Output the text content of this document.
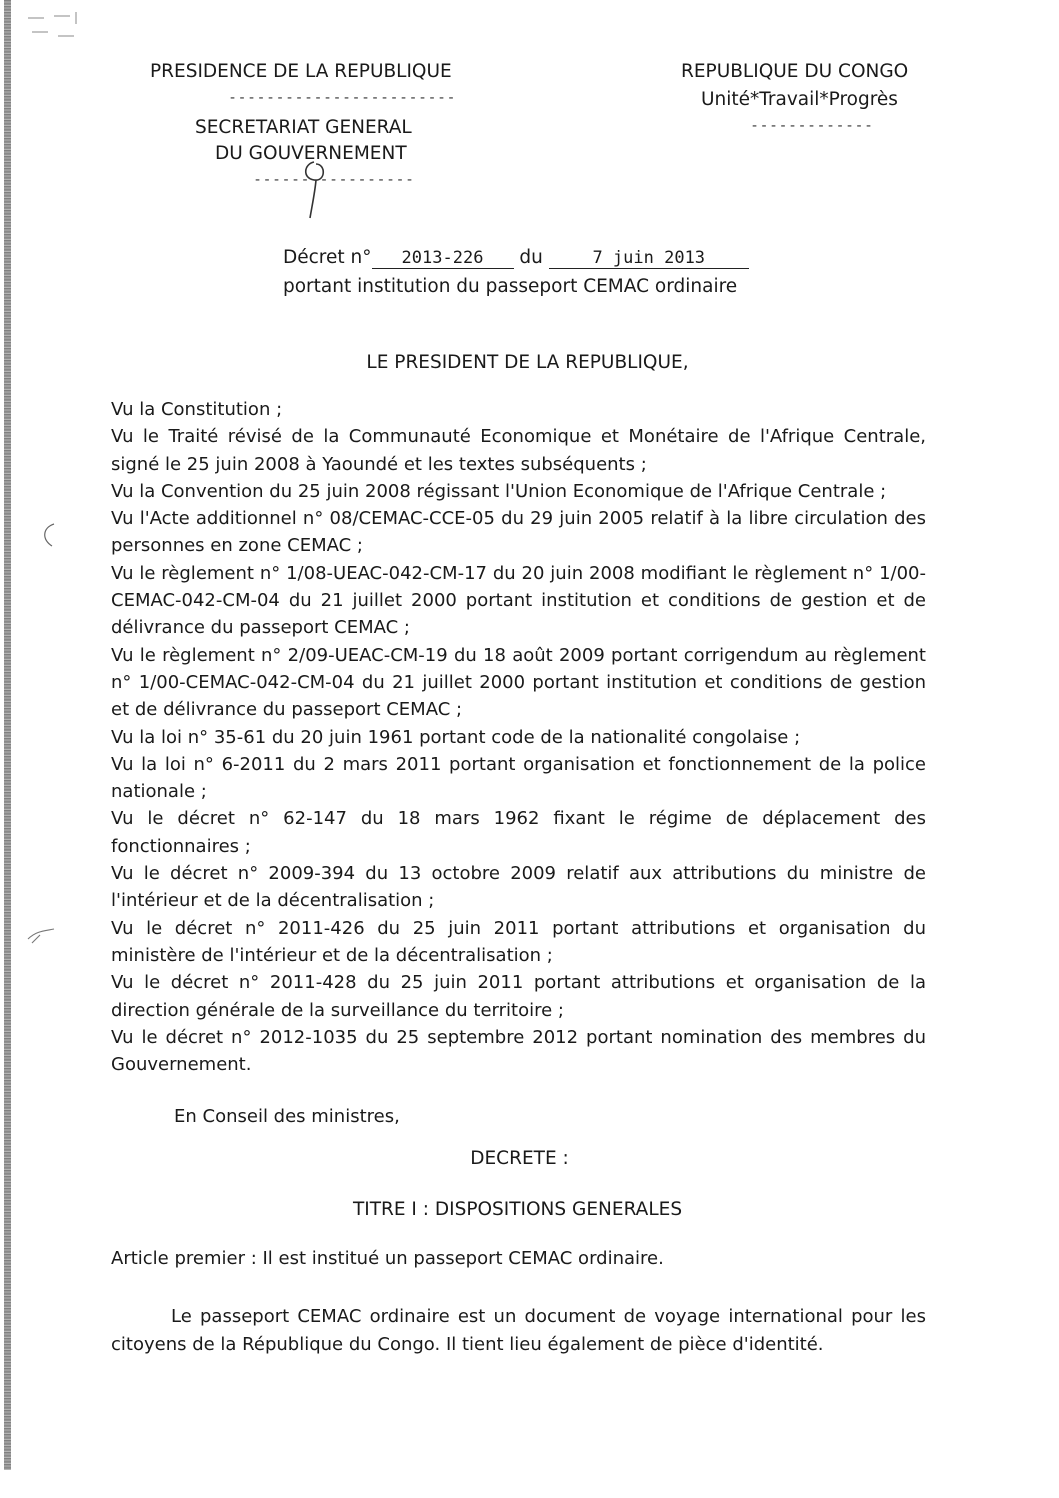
PRESIDENCE DE LA REPUBLIQUE
- - - - - - - - - - - - - - - - - - - - - - - -
SECRETARIAT GENERAL
DU GOUVERNEMENT
- - - - - - - - - - - - - - - - -
REPUBLIQUE DU CONGO
Unité*Travail*Progrès
- - - - - - - - - - - - -
Décret n° 2013-226 du	7 juin 2013
portant institution du passeport CEMAC ordinaire
LE PRESIDENT DE LA REPUBLIQUE,

Vu la Constitution ;

Vu le Traité révisé de la Communauté Economique et Monétaire de l'Afrique Centrale, signé le 25 juin 2008 à Yaoundé et les textes subséquents ;

Vu la Convention du 25 juin 2008 régissant l'Union Economique de l'Afrique Centrale ;

Vu l'Acte additionnel n° 08/CEMAC-CCE-05 du 29 juin 2005 relatif à la libre circulation des personnes en zone CEMAC ;

Vu le règlement n° 1/08-UEAC-042-CM-17 du 20 juin 2008 modifiant le règlement n° 1/00-CEMAC-042-CM-04 du 21 juillet 2000 portant institution et conditions de gestion et de délivrance du passeport CEMAC ;

Vu le règlement n° 2/09-UEAC-CM-19 du 18 août 2009 portant corrigendum au règlement n° 1/00-CEMAC-042-CM-04 du 21 juillet 2000 portant institution et conditions de gestion et de délivrance du passeport CEMAC ;

Vu la loi n° 35-61 du 20 juin 1961 portant code de la nationalité congolaise ;

Vu la loi n° 6-2011 du 2 mars 2011 portant organisation et fonctionnement de la police nationale ;

Vu le décret n° 62-147 du 18 mars 1962 fixant le régime de déplacement des fonctionnaires ;

Vu le décret n° 2009-394 du 13 octobre 2009 relatif aux attributions du ministre de l'intérieur et de la décentralisation ;

Vu le décret n° 2011-426 du 25 juin 2011 portant attributions et organisation du ministère de l'intérieur et de la décentralisation ;

Vu le décret n° 2011-428 du 25 juin 2011 portant attributions et organisation de la direction générale de la surveillance du territoire ;

Vu le décret n° 2012-1035 du 25 septembre 2012 portant nomination des membres du Gouvernement.

En Conseil des ministres,
DECRETE :
TITRE I : DISPOSITIONS GENERALES
Article premier : Il est institué un passeport CEMAC ordinaire.
Le passeport CEMAC ordinaire est un document de voyage international pour les citoyens de la République du Congo. Il tient lieu également de pièce d'identité.
